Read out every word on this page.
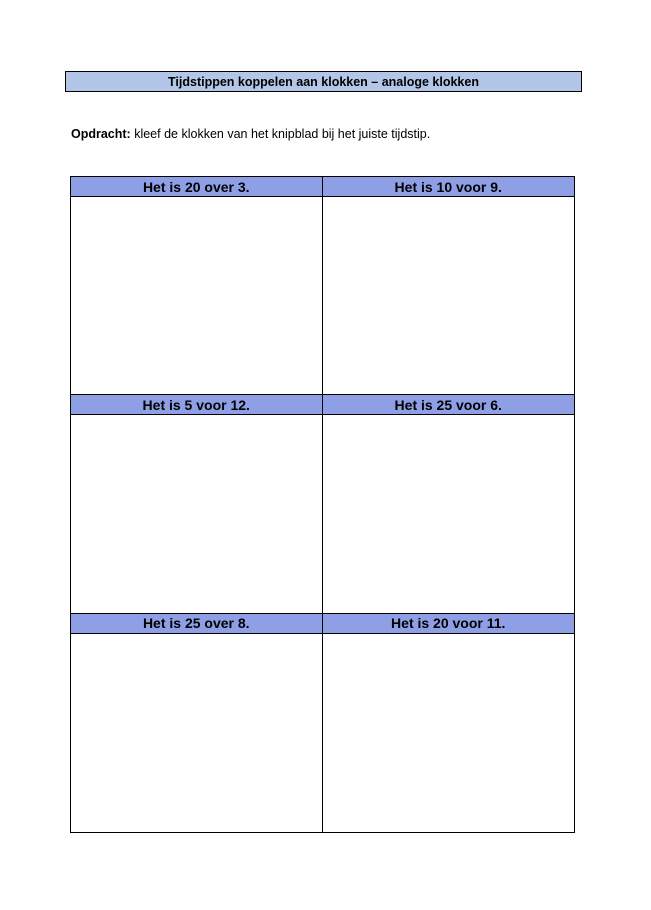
Tijdstippen koppelen aan klokken – analoge klokken
Opdracht: kleef de klokken van het knipblad bij het juiste tijdstip.
Het is 20 over 3.	Het is 10 voor 9.
Het is 5 voor 12.	Het is 25 voor 6.
Het is 25 over 8.	Het is 20 voor 11.
